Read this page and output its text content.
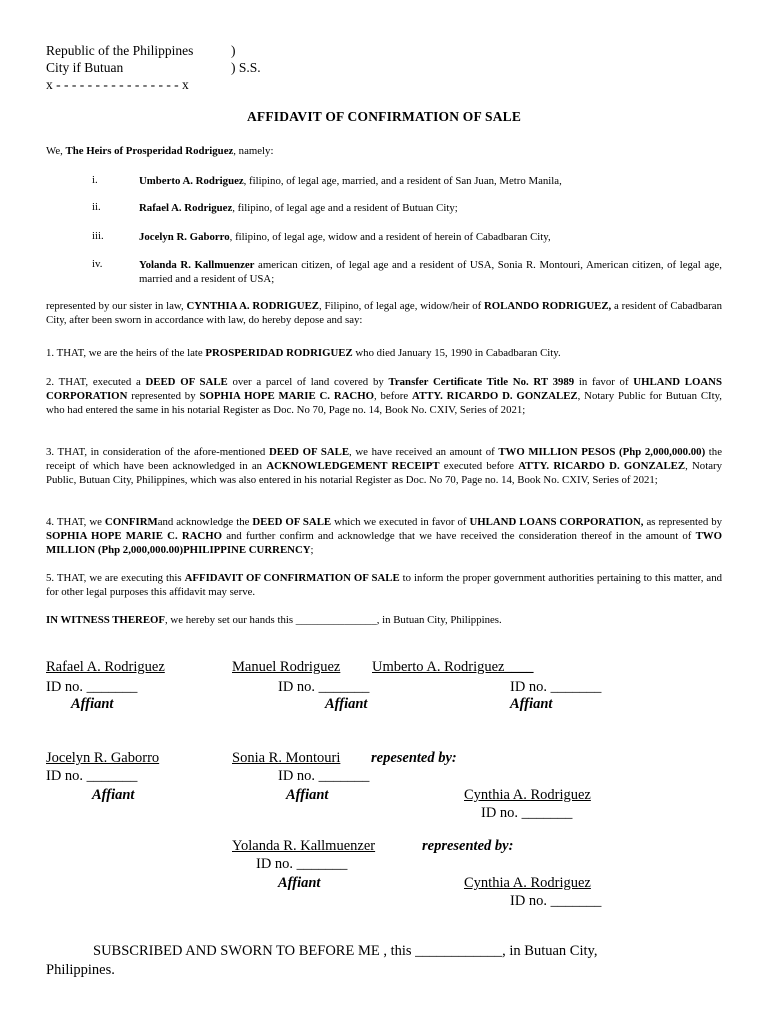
Republic of the Philippines	)
City if Butuan	) S.S.
x - - - - - - - - - - - - - - - - x
AFFIDAVIT OF CONFIRMATION OF SALE
We, The Heirs of Prosperidad Rodriguez, namely:
i.	Umberto A. Rodriguez, filipino, of legal age, married, and a resident of San Juan, Metro Manila,
ii.	Rafael A. Rodriguez, filipino, of legal age and a resident of Butuan City;
iii.	Jocelyn R. Gaborro, filipino, of legal age, widow and a resident of herein of Cabadbaran City,
iv.	Yolanda R. Kallmuenzer american citizen, of legal age and a resident of USA, Sonia R. Montouri, American citizen, of legal age, married and a resident of USA;
represented by our sister in law, CYNTHIA A. RODRIGUEZ, Filipino, of legal age, widow/heir of ROLANDO RODRIGUEZ, a resident of Cabadbaran City, after been sworn in accordance with law, do hereby depose and say:
1. THAT, we are the heirs of the late PROSPERIDAD RODRIGUEZ who died January 15, 1990 in Cabadbaran City.
2. THAT, executed a DEED OF SALE over a parcel of land covered by Transfer Certificate Title No. RT 3989 in favor of UHLAND LOANS CORPORATION represented by SOPHIA HOPE MARIE C. RACHO, before ATTY. RICARDO D. GONZALEZ, Notary Public for Butuan CIty, who had entered the same in his notarial Register as Doc. No 70, Page no. 14, Book No. CXIV, Series of 2021;
3. THAT, in consideration of the afore-mentioned DEED OF SALE, we have received an amount of TWO MILLION PESOS (Php 2,000,000.00) the receipt of which have been acknowledged in an ACKNOWLEDGEMENT RECEIPT executed before ATTY. RICARDO D. GONZALEZ, Notary Public, Butuan City, Philippines, which was also entered in his notarial Register as Doc. No 70, Page no. 14, Book No. CXIV, Series of 2021;
4. THAT, we CONFIRMand acknowledge the DEED OF SALE which we executed in favor of UHLAND LOANS CORPORATION, as represented by SOPHIA HOPE MARIE C. RACHO and further confirm and acknowledge that we have received the consideration thereof in the amount of TWO MILLION (Php 2,000,000.00)PHILIPPINE CURRENCY;
5. THAT, we are executing this AFFIDAVIT OF CONFIRMATION OF SALE to inform the proper government authorities pertaining to this matter, and for other legal purposes this affidavit may serve.
IN WITNESS THEREOF, we hereby set our hands this _______________, in Butuan City, Philippines.
Rafael A. Rodriguez	Manuel Rodriguez Umberto A. Rodriguez____
ID no. _______	ID no. _______	ID no. _______
Affiant	Affiant	Affiant
Jocelyn R. Gaborro	Sonia R. Montouri repesented by:
ID no. _______	ID no. _______
Affiant	Affiant	Cynthia A. Rodriguez
ID no. _______
Yolanda R. Kallmuenzer	represented by:
ID no. _______
Affiant	Cynthia A. Rodriguez
ID no. _______
SUBSCRIBED AND SWORN TO BEFORE ME , this ____________, in Butuan City,
Philippines.
